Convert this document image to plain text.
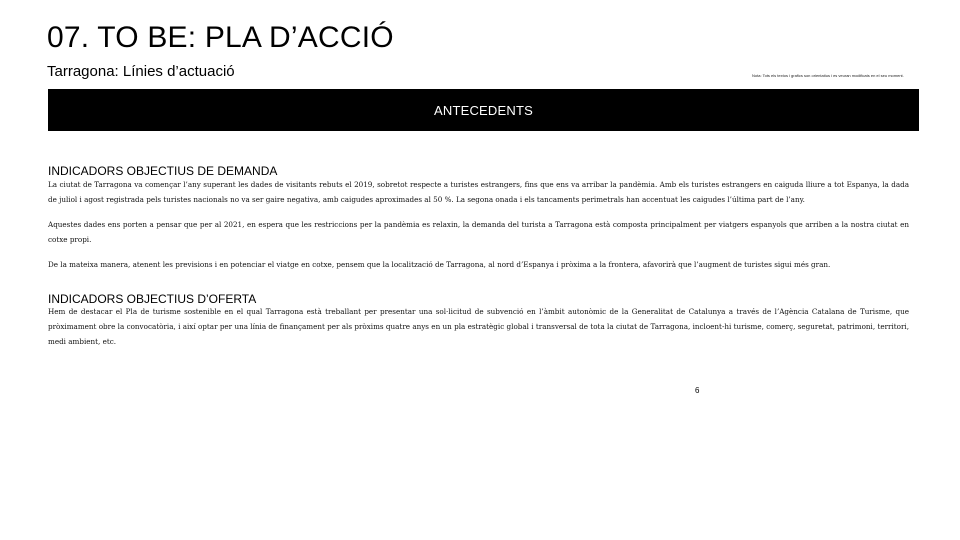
07. TO BE: PLA D’ACCIÓ
Tarragona: Línies d’actuació	Nota: Tots els textos i grafics son orientatius i es veuran modificats en el seu moment.
ANTECEDENTS
INDICADORS OBJECTIUS DE DEMANDA

La ciutat de Tarragona va començar l’any superant les dades de visitants rebuts el 2019, sobretot respecte a turistes estrangers, fins que ens va arribar la pandèmia. Amb els turistes estrangers en caiguda lliure a tot Espanya, la dada de juliol i agost registrada pels turistes nacionals no va ser gaire negativa, amb caigudes aproximades al 50 %. La segona onada i els tancaments perimetrals han accentuat les caigudes l’última part de l’any.

Aquestes dades ens porten a pensar que per al 2021, en espera que les restriccions per la pandèmia es relaxin, la demanda del turista a Tarragona està composta principalment per viatgers espanyols que arriben a la nostra ciutat en cotxe propi.

De la mateixa manera, atenent les previsions i en potenciar el viatge en cotxe, pensem que la localització de Tarragona, al nord d’Espanya i pròxima a la frontera, afavorirà que l’augment de turistes sigui més gran.

INDICADORS OBJECTIUS D’OFERTA

Hem de destacar el Pla de turisme sostenible en el qual Tarragona està treballant per presentar una sol·licitud de subvenció en l’àmbit autonòmic de la Generalitat de Catalunya a través de l’Agència Catalana de Turisme, que pròximament obre la convocatòria, i així optar per una línia de finançament per als pròxims quatre anys en un pla estratègic global i transversal de tota la ciutat de Tarragona, incloent-hi turisme, comerç, seguretat, patrimoni, territori, medi ambient, etc.

6
